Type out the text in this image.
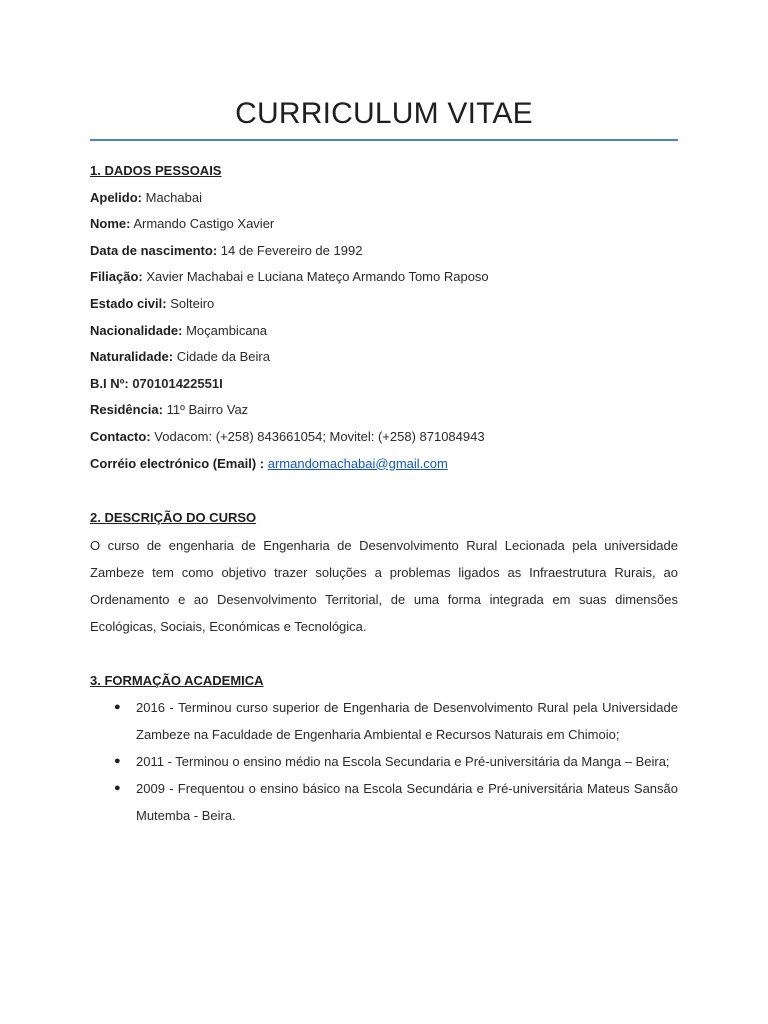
CURRICULUM VITAE
1. DADOS PESSOAIS

Apelido: Machabai

Nome: Armando Castigo Xavier

Data de nascimento: 14 de Fevereiro de 1992

Filiação: Xavier Machabai e Luciana Mateço Armando Tomo Raposo

Estado civil: Solteiro

Nacionalidade: Moçambicana

Naturalidade: Cidade da Beira

B.I Nº: 070101422551I

Residência: 11º Bairro Vaz

Contacto: Vodacom: (+258) 843661054; Movitel: (+258) 871084943

Corréio electrónico (Email) : armandomachabai@gmail.com

2. DESCRIÇÃO DO CURSO

O curso de engenharia de Engenharia de Desenvolvimento Rural Lecionada pela universidade Zambeze tem como objetivo trazer soluções a problemas ligados as Infraestrutura Rurais, ao Ordenamento e ao Desenvolvimento Territorial, de uma forma integrada em suas dimensões Ecológicas, Sociais, Económicas e Tecnológica.

3. FORMAÇÃO ACADEMICA
● 2016 - Terminou curso superior de Engenharia de Desenvolvimento Rural pela Universidade Zambeze na Faculdade de Engenharia Ambiental e Recursos Naturais em Chimoio;
● 2011 - Terminou o ensino médio na Escola Secundaria e Pré-universitária da Manga – Beira;
● 2009 - Frequentou o ensino básico na Escola Secundária e Pré-universitária Mateus Sansão Mutemba - Beira.
